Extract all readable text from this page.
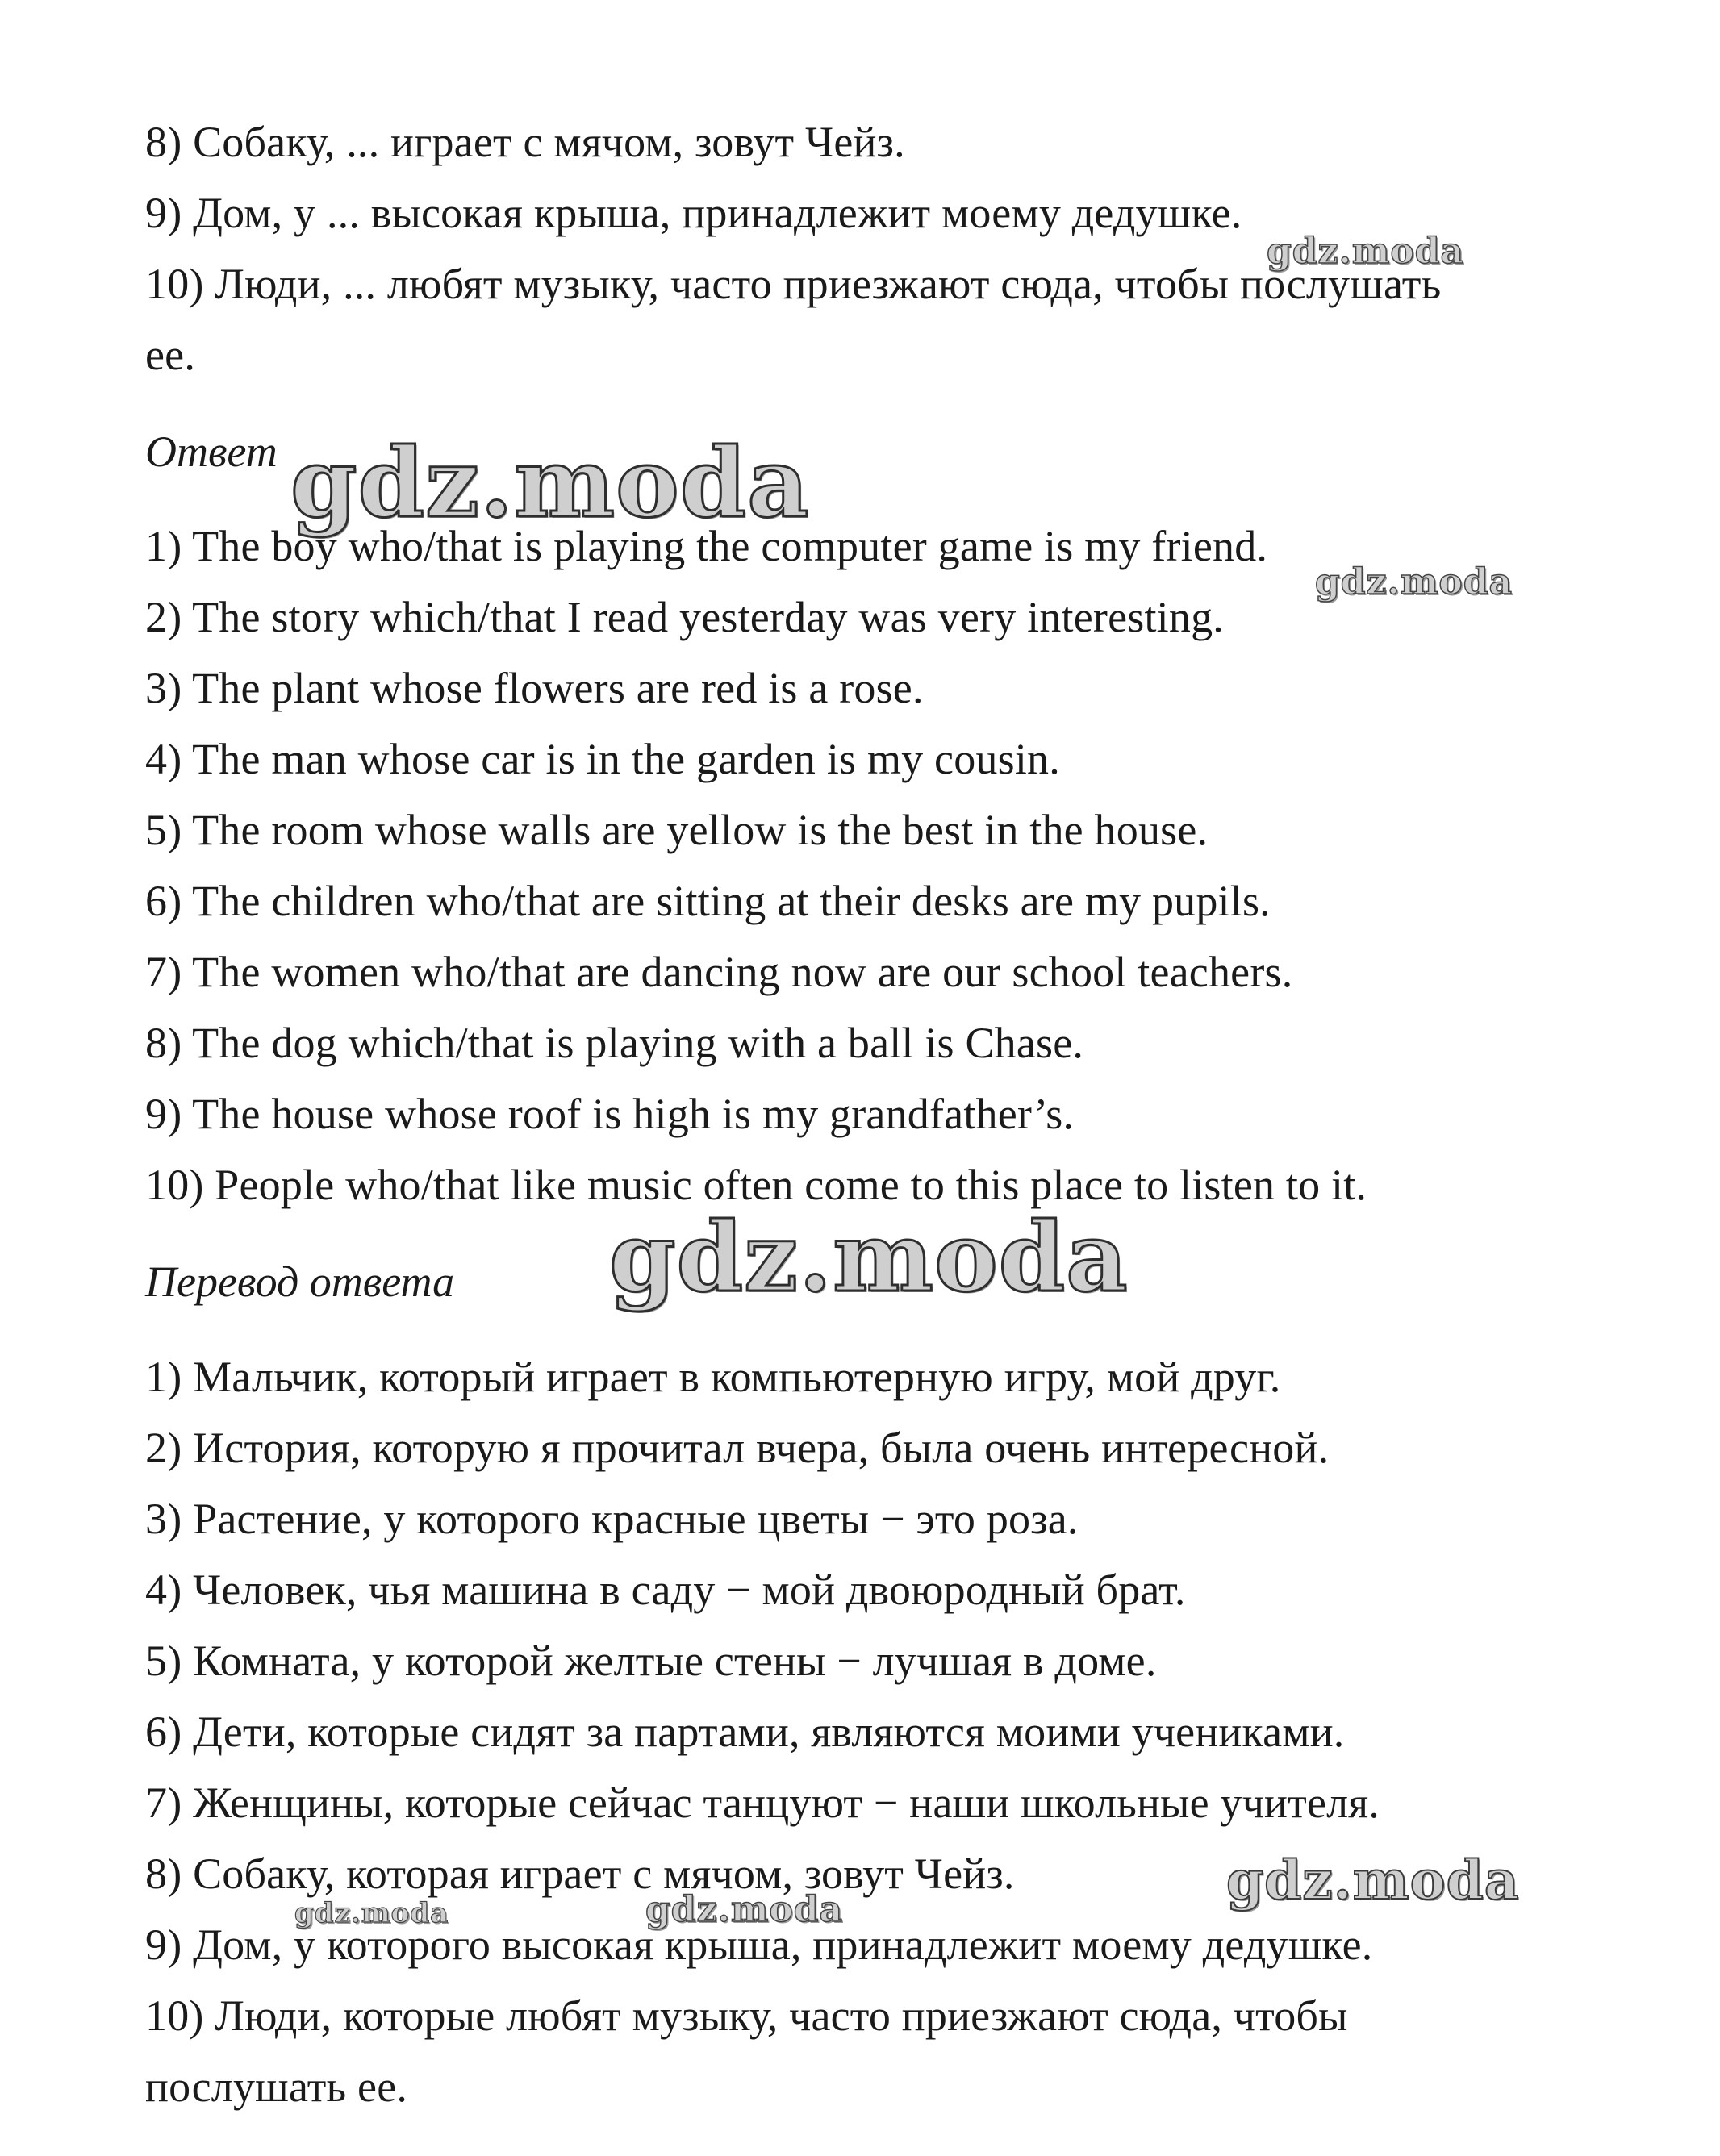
8) Собаку, ... играет с мячом, зовут Чейз.
9) Дом, у ... высокая крыша, принадлежит моему дедушке.
10) Люди, ... любят музыку, часто приезжают сюда, чтобы послушать
ее.
Ответ
1) The boy who/that is playing the computer game is my friend.
2) The story which/that I read yesterday was very interesting.
3) The plant whose flowers are red is a rose.
4) The man whose car is in the garden is my cousin.
5) The room whose walls are yellow is the best in the house.
6) The children who/that are sitting at their desks are my pupils.
7) The women who/that are dancing now are our school teachers.
8) The dog which/that is playing with a ball is Chase.
9) The house whose roof is high is my grandfather’s.
10) People who/that like music often come to this place to listen to it.
Перевод ответа
1) Мальчик, который играет в компьютерную игру, мой друг.
2) История, которую я прочитал вчера, была очень интересной.
3) Растение, у которого красные цветы − это роза.
4) Человек, чья машина в саду − мой двоюродный брат.
5) Комната, у которой желтые стены − лучшая в доме.
6) Дети, которые сидят за партами, являются моими учениками.
7) Женщины, которые сейчас танцуют − наши школьные учителя.
8) Собаку, которая играет с мячом, зовут Чейз.
9) Дом, у которого высокая крыша, принадлежит моему дедушке.
10) Люди, которые любят музыку, часто приезжают сюда, чтобы
послушать ее.
gdz.moda
gdz.moda
gdz.moda
gdz.moda
gdz.moda
gdz.moda	gdz.moda
